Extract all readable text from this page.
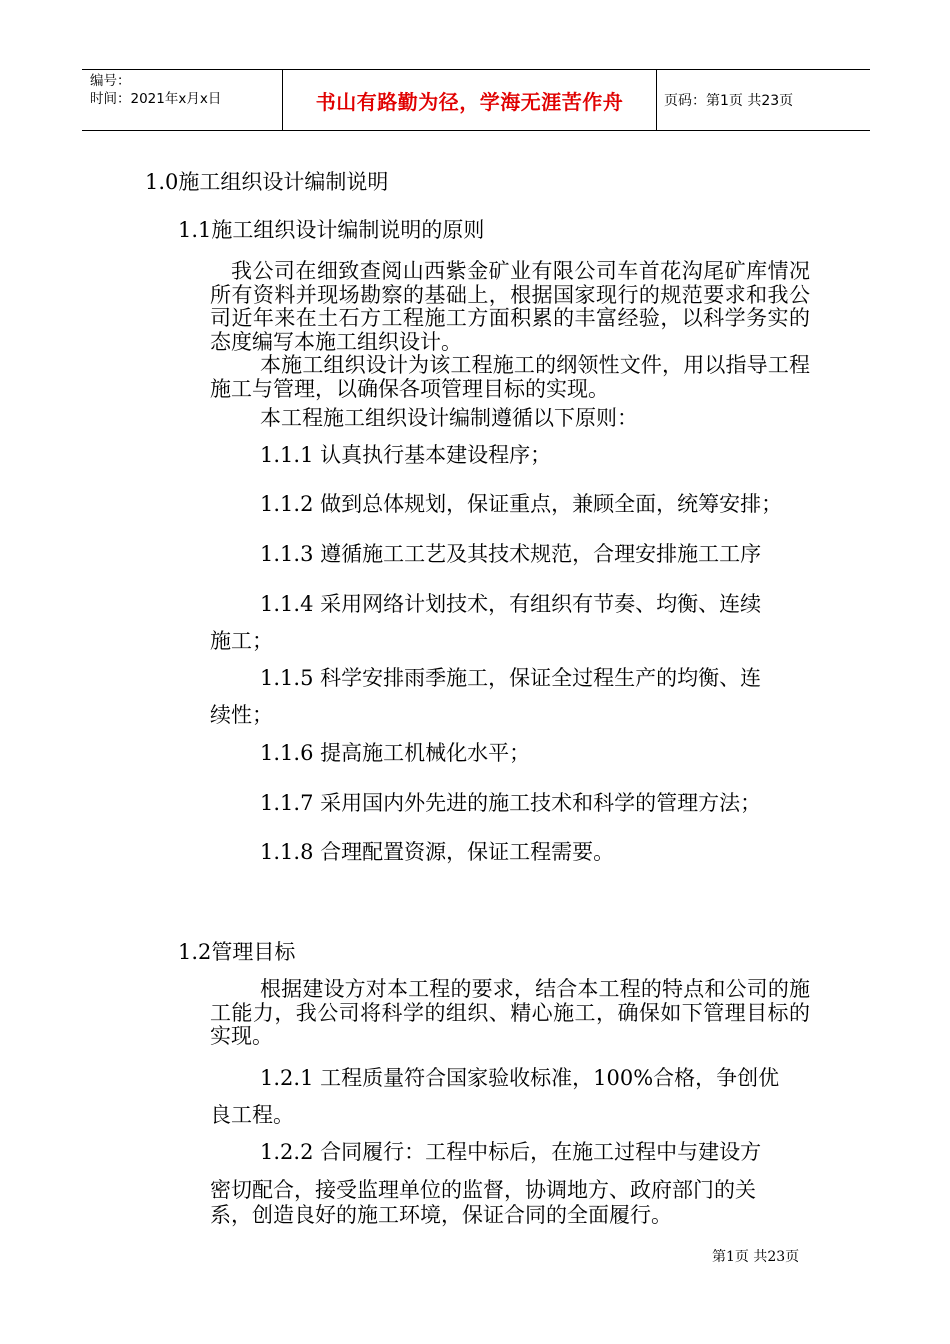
编号：
时间：2021年x月x日	书山有路勤为径，学海无涯苦作舟	页码：第1页 共23页
1.0施工组织设计编制说明
1.1施工组织设计编制说明的原则
我公司在细致查阅山西紫金矿业有限公司车首花沟尾矿库情况所有资料并现场勘察的基础上，根据国家现行的规范要求和我公司近年来在土石方工程施工方面积累的丰富经验，以科学务实的态度编写本施工组织设计。
本施工组织设计为该工程施工的纲领性文件，用以指导工程施工与管理，以确保各项管理目标的实现。
本工程施工组织设计编制遵循以下原则：
1.1.1 认真执行基本建设程序；
1.1.2 做到总体规划，保证重点，兼顾全面，统筹安排；
1.1.3 遵循施工工艺及其技术规范，合理安排施工工序
1.1.4 采用网络计划技术，有组织有节奏、均衡、连续
施工；
1.1.5 科学安排雨季施工，保证全过程生产的均衡、连
续性；
1.1.6 提高施工机械化水平；
1.1.7 采用国内外先进的施工技术和科学的管理方法；
1.1.8 合理配置资源，保证工程需要。
1.2管理目标
根据建设方对本工程的要求，结合本工程的特点和公司的施工能力，我公司将科学的组织、精心施工，确保如下管理目标的实现。
1.2.1 工程质量符合国家验收标准，100%合格，争创优
良工程。
1.2.2 合同履行：工程中标后，在施工过程中与建设方
密切配合，接受监理单位的监督，协调地方、政府部门的关
系，创造良好的施工环境，保证合同的全面履行。
第1页 共23页
